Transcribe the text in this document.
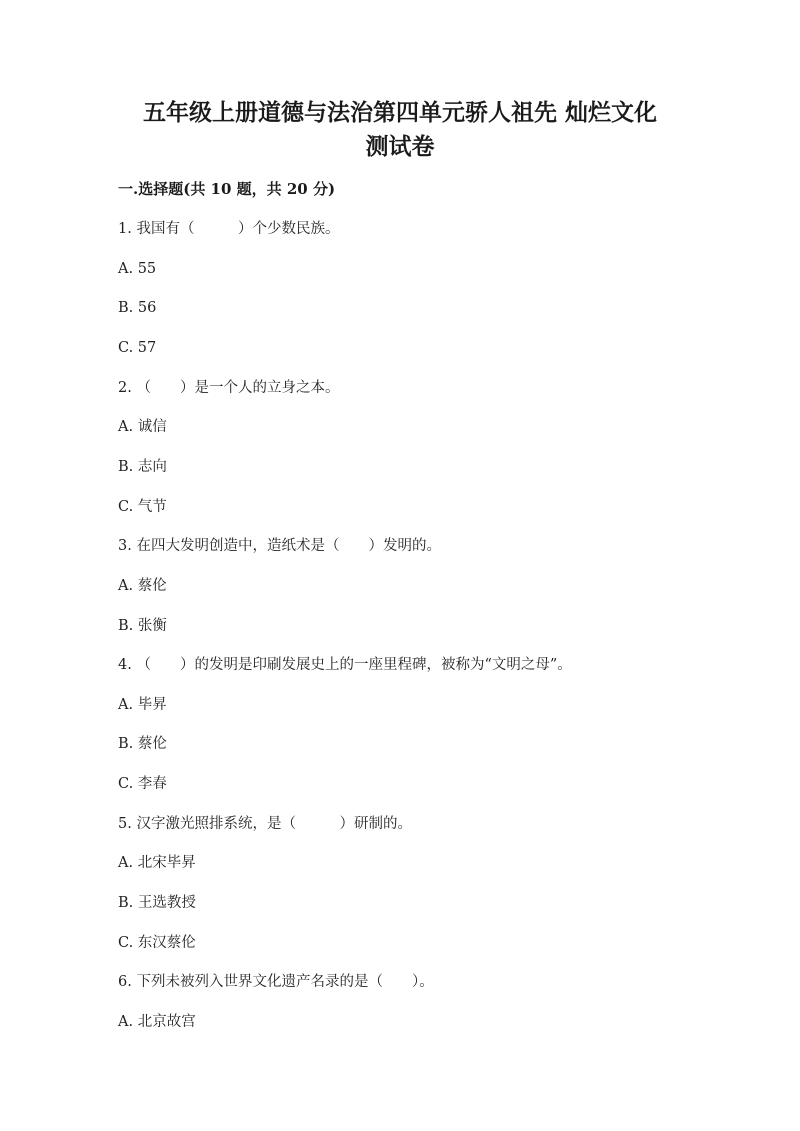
五年级上册道德与法治第四单元骄人祖先 灿烂文化
测试卷
一.选择题(共 10 题，共 20 分)
1. 我国有（　　　）个少数民族。
A. 55
B. 56
C. 57
2. （　　）是一个人的立身之本。
A. 诚信
B. 志向
C. 气节
3. 在四大发明创造中，造纸术是（　　）发明的。
A. 蔡伦
B. 张衡
4. （　　）的发明是印刷发展史上的一座里程碑，被称为“文明之母”。
A. 毕昇
B. 蔡伦
C. 李春
5. 汉字激光照排系统，是（　　　）研制的。
A. 北宋毕昇
B. 王选教授
C. 东汉蔡伦
6. 下列未被列入世界文化遗产名录的是（　　）。
A. 北京故宫
